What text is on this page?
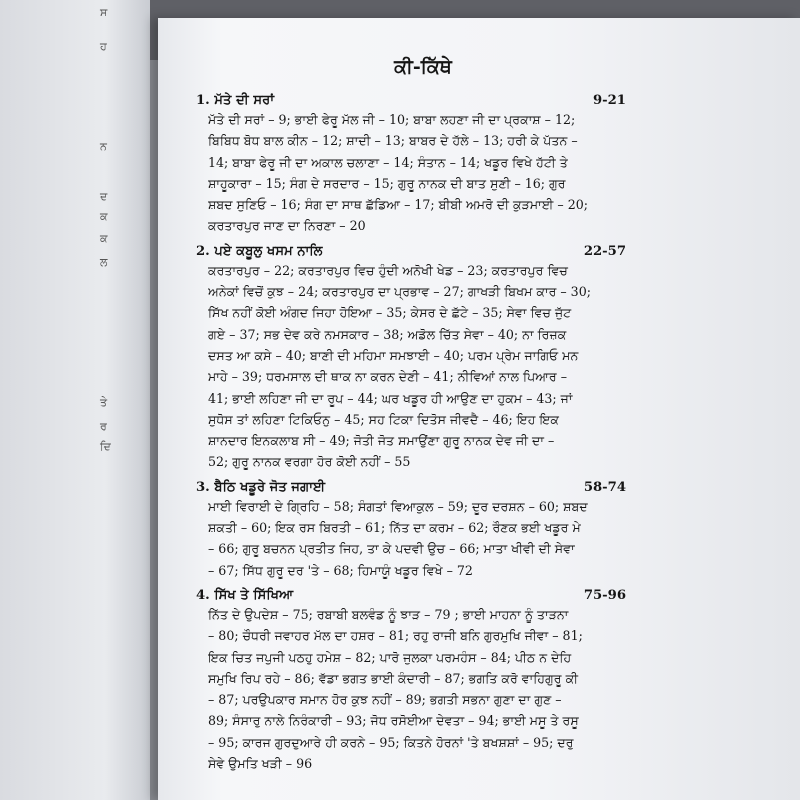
ਸ
ਹ
ਨ
ਦ
ਕ
ਕ
ਲ
ਤੇ
ਰ
ਦਿ
ਕੀ-ਕਿੱਥੇ
1. ਮੱਤੇ ਦੀ ਸਰਾਂ	9-21
ਮੱਤੇ ਦੀ ਸਰਾਂ – 9; ਭਾਈ ਫੇਰੂ ਮੱਲ ਜੀ – 10; ਬਾਬਾ ਲਹਣਾ ਜੀ ਦਾ ਪ੍ਰਕਾਸ਼ – 12;
ਬਿਬਿਧ ਬੋਧ ਬਾਲ ਕੀਨ – 12; ਸ਼ਾਦੀ – 13; ਬਾਬਰ ਦੇ ਹੱਲੇ – 13; ਹਰੀ ਕੇ ਪੱਤਨ –
14; ਬਾਬਾ ਫੇਰੂ ਜੀ ਦਾ ਅਕਾਲ ਚਲਾਣਾ – 14; ਸੰਤਾਨ – 14; ਖਡੂਰ ਵਿਖੇ ਹੱਟੀ ਤੇ
ਸ਼ਾਹੂਕਾਰਾ – 15; ਸੰਗ ਦੇ ਸਰਦਾਰ – 15; ਗੁਰੂ ਨਾਨਕ ਦੀ ਬਾਤ ਸੁਣੀ – 16; ਗੁਰ
ਸ਼ਬਦ ਸੁਣਿਓ – 16; ਸੰਗ ਦਾ ਸਾਥ ਛੱਡਿਆ – 17; ਬੀਬੀ ਅਮਰੋ ਦੀ ਕੁੜਮਾਈ – 20;
ਕਰਤਾਰਪੁਰ ਜਾਣ ਦਾ ਨਿਰਣਾ – 20
2. ਪਏ ਕਬੂਲੁ ਖਸਮ ਨਾਲਿ	22-57
ਕਰਤਾਰਪੁਰ – 22; ਕਰਤਾਰਪੁਰ ਵਿਚ ਹੁੰਦੀ ਅਨੋਖੀ ਖੇਡ – 23; ਕਰਤਾਰਪੁਰ ਵਿਚ
ਅਨੇਕਾਂ ਵਿਚੋਂ ਕੁਝ – 24; ਕਰਤਾਰਪੁਰ ਦਾ ਪ੍ਰਭਾਵ – 27; ਗਾਖੜੀ ਬਿਖਮ ਕਾਰ – 30;
ਸਿੱਖ ਨਹੀਂ ਕੋਈ ਅੰਗਦ ਜਿਹਾ ਹੋਇਆ – 35; ਕੇਸਰ ਦੇ ਛੱਟੇ – 35; ਸੇਵਾ ਵਿਚ ਜੁੱਟ
ਗਏ – 37; ਸਭ ਦੇਵ ਕਰੇ ਨਮਸਕਾਰ – 38; ਅਡੋਲ ਚਿੱਤ ਸੇਵਾ – 40; ਨਾ ਰਿਜ਼ਕ
ਦਸਤ ਆ ਕਸੇ – 40; ਬਾਣੀ ਦੀ ਮਹਿਮਾ ਸਮਝਾਈ – 40; ਪਰਮ ਪ੍ਰੇਮ ਜਾਗਿਓ ਮਨ
ਮਾਹੇ – 39; ਧਰਮਸਾਲ ਦੀ ਥਾਕ ਨਾ ਕਰਨ ਦੇਣੀ – 41; ਨੀਵਿਆਂ ਨਾਲ ਪਿਆਰ –
41; ਭਾਈ ਲਹਿਣਾ ਜੀ ਦਾ ਰੂਪ – 44; ਘਰ ਖਡੂਰ ਹੀ ਆਉਣ ਦਾ ਹੁਕਮ – 43; ਜਾਂ
ਸੁਧੋਸ ਤਾਂ ਲਹਿਣਾ ਟਿਕਿਓਨੁ – 45; ਸਹ ਟਿਕਾ ਦਿਤੋਸ ਜੀਵਦੈ – 46; ਇਹ ਇਕ
ਸ਼ਾਨਦਾਰ ਇਨਕਲਾਬ ਸੀ – 49; ਜੋਤੀ ਜੋਤ ਸਮਾਉਂਣਾ ਗੁਰੂ ਨਾਨਕ ਦੇਵ ਜੀ ਦਾ –
52; ਗੁਰੂ ਨਾਨਕ ਵਰਗਾ ਹੋਰ ਕੋਈ ਨਹੀਂ – 55
3. ਬੈਠਿ ਖਡੂਰੇ ਜੋਤ ਜਗਾਈ	58-74
ਮਾਈ ਵਿਰਾਈ ਦੇ ਗ੍ਰਿਹਿ – 58; ਸੰਗਤਾਂ ਵਿਆਕੁਲ – 59; ਦੂਰ ਦਰਸ਼ਨ – 60; ਸ਼ਬਦ
ਸ਼ਕਤੀ – 60; ਇਕ ਰਸ ਬਿਰਤੀ – 61; ਨਿੱਤ ਦਾ ਕਰਮ – 62; ਰੌਣਕ ਭਈ ਖਡੂਰ ਮੇ
– 66; ਗੁਰੂ ਬਚਨਨ ਪ੍ਰਤੀਤ ਜਿਹ, ਤਾ ਕੇ ਪਦਵੀ ਉਚ – 66; ਮਾਤਾ ਖੀਵੀ ਦੀ ਸੇਵਾ
– 67; ਸਿੱਧ ਗੁਰੂ ਦਰ 'ਤੇ – 68; ਹਿਮਾਯੂੰ ਖਡੂਰ ਵਿਖੇ – 72
4. ਸਿੱਖ ਤੇ ਸਿੱਖਿਆ	75-96
ਨਿੱਤ ਦੇ ਉਪਦੇਸ਼ – 75; ਰਬਾਬੀ ਬਲਵੰਡ ਨੂੰ ਝਾੜ – 79 ; ਭਾਈ ਮਾਹਨਾ ਨੂੰ ਤਾੜਨਾ
– 80; ਚੌਧਰੀ ਜਵਾਹਰ ਮੱਲ ਦਾ ਹਸ਼ਰ – 81; ਰਹੁ ਰਾਜੀ ਬਨਿ ਗੁਰਮੁਖਿ ਜੀਵਾ – 81;
ਇਕ ਚਿਤ ਜਪੁਜੀ ਪਠਹੁ ਹਮੇਸ਼ – 82; ਪਾਰੋ ਜੁਲਕਾ ਪਰਮਹੰਸ – 84; ਪੀਠ ਨ ਦੇਹਿ
ਸਮੁਖਿ ਰਿਪ ਰਹੇ – 86; ਵੱਡਾ ਭਗਤ ਭਾਈ ਕੰਦਾਰੀ – 87; ਭਗਤਿ ਕਰੋ ਵਾਹਿਗੁਰੂ ਕੀ
– 87; ਪਰਉਪਕਾਰ ਸਮਾਨ ਹੋਰ ਕੁਝ ਨਹੀਂ – 89; ਭਗਤੀ ਸਭਨਾ ਗੁਣਾ ਦਾ ਗੁਣ –
89; ਸੰਸਾਰੁ ਨਾਲੇ ਨਿਰੰਕਾਰੀ – 93; ਜੋਧ ਰਸੋਈਆ ਦੇਵਤਾ – 94; ਭਾਈ ਮਸੂ ਤੇ ਰਸੂ
– 95; ਕਾਰਜ ਗੁਰਦੁਆਰੇ ਹੀ ਕਰਨੇ – 95; ਕਿਤਨੇ ਹੋਰਨਾਂ 'ਤੇ ਬਖਸ਼ਸ਼ਾਂ – 95; ਦਰੁ
ਸੇਵੇ ਉਮਤਿ ਖੜੀ – 96
